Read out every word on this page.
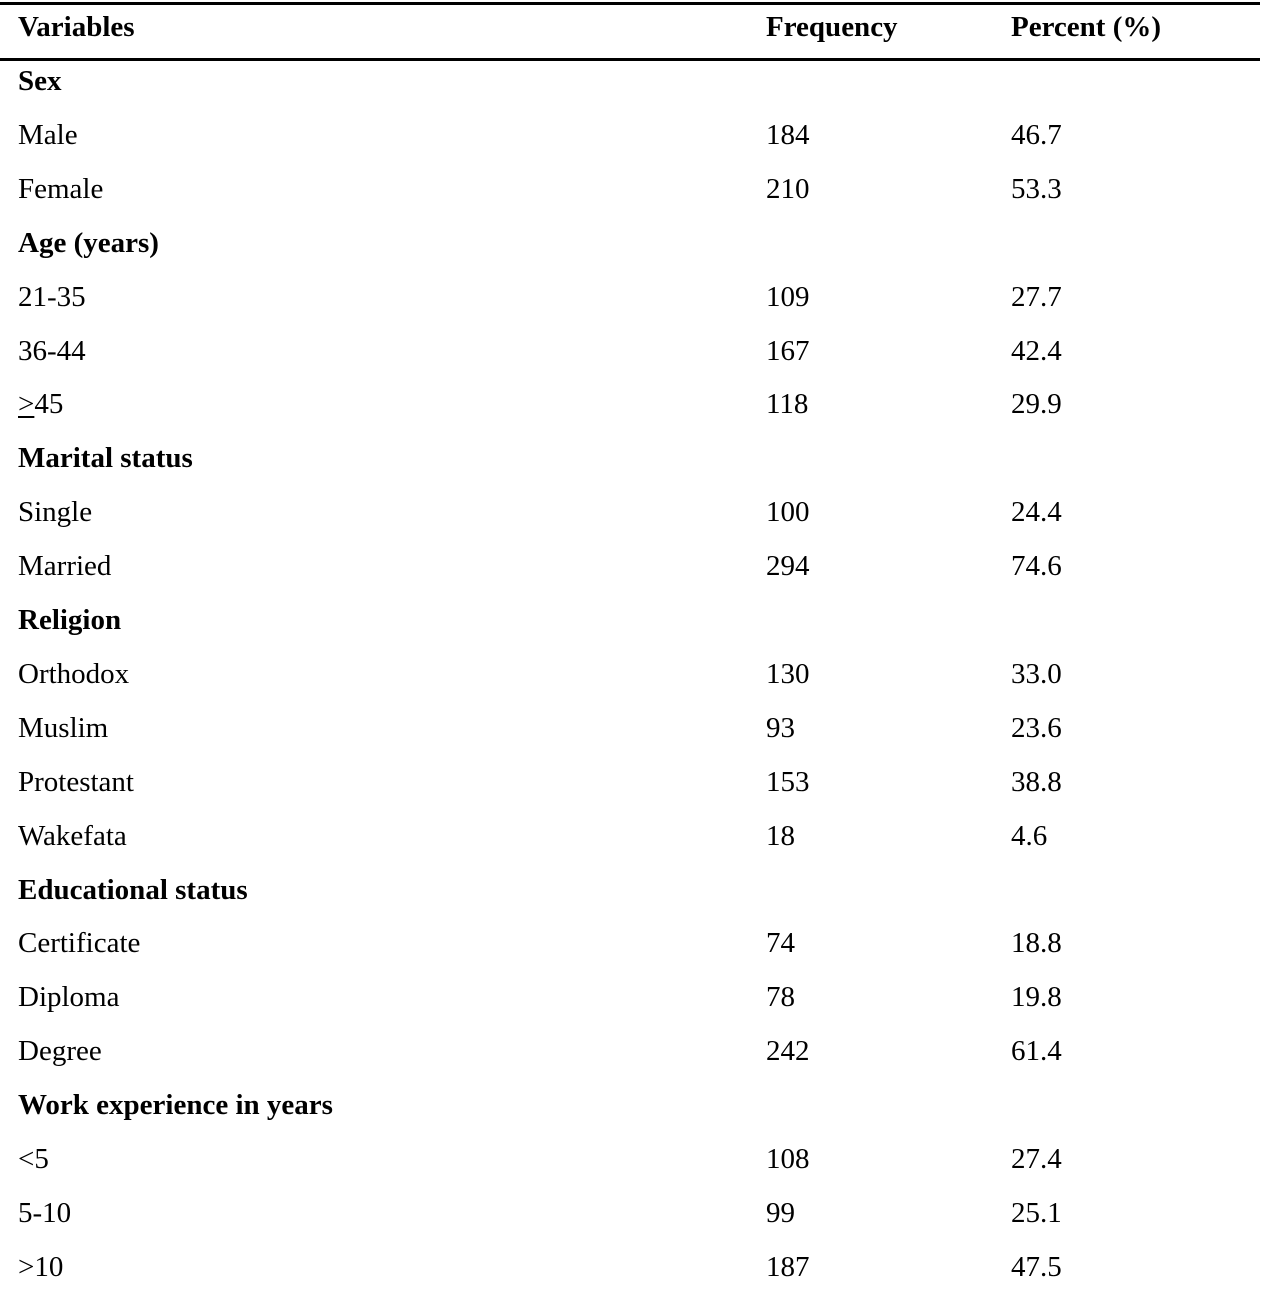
Variables	Frequency	Percent (%)
Sex
Male	184	46.7
Female	210	53.3
Age (years)
21-35	109	27.7
36-44	167	42.4
>45	118	29.9
Marital status
Single	100	24.4
Married	294	74.6
Religion
Orthodox	130	33.0
Muslim	93	23.6
Protestant	153	38.8
Wakefata	18	4.6
Educational status
Certificate	74	18.8
Diploma	78	19.8
Degree	242	61.4
Work experience in years
<5	108	27.4
5-10	99	25.1
>10	187	47.5
